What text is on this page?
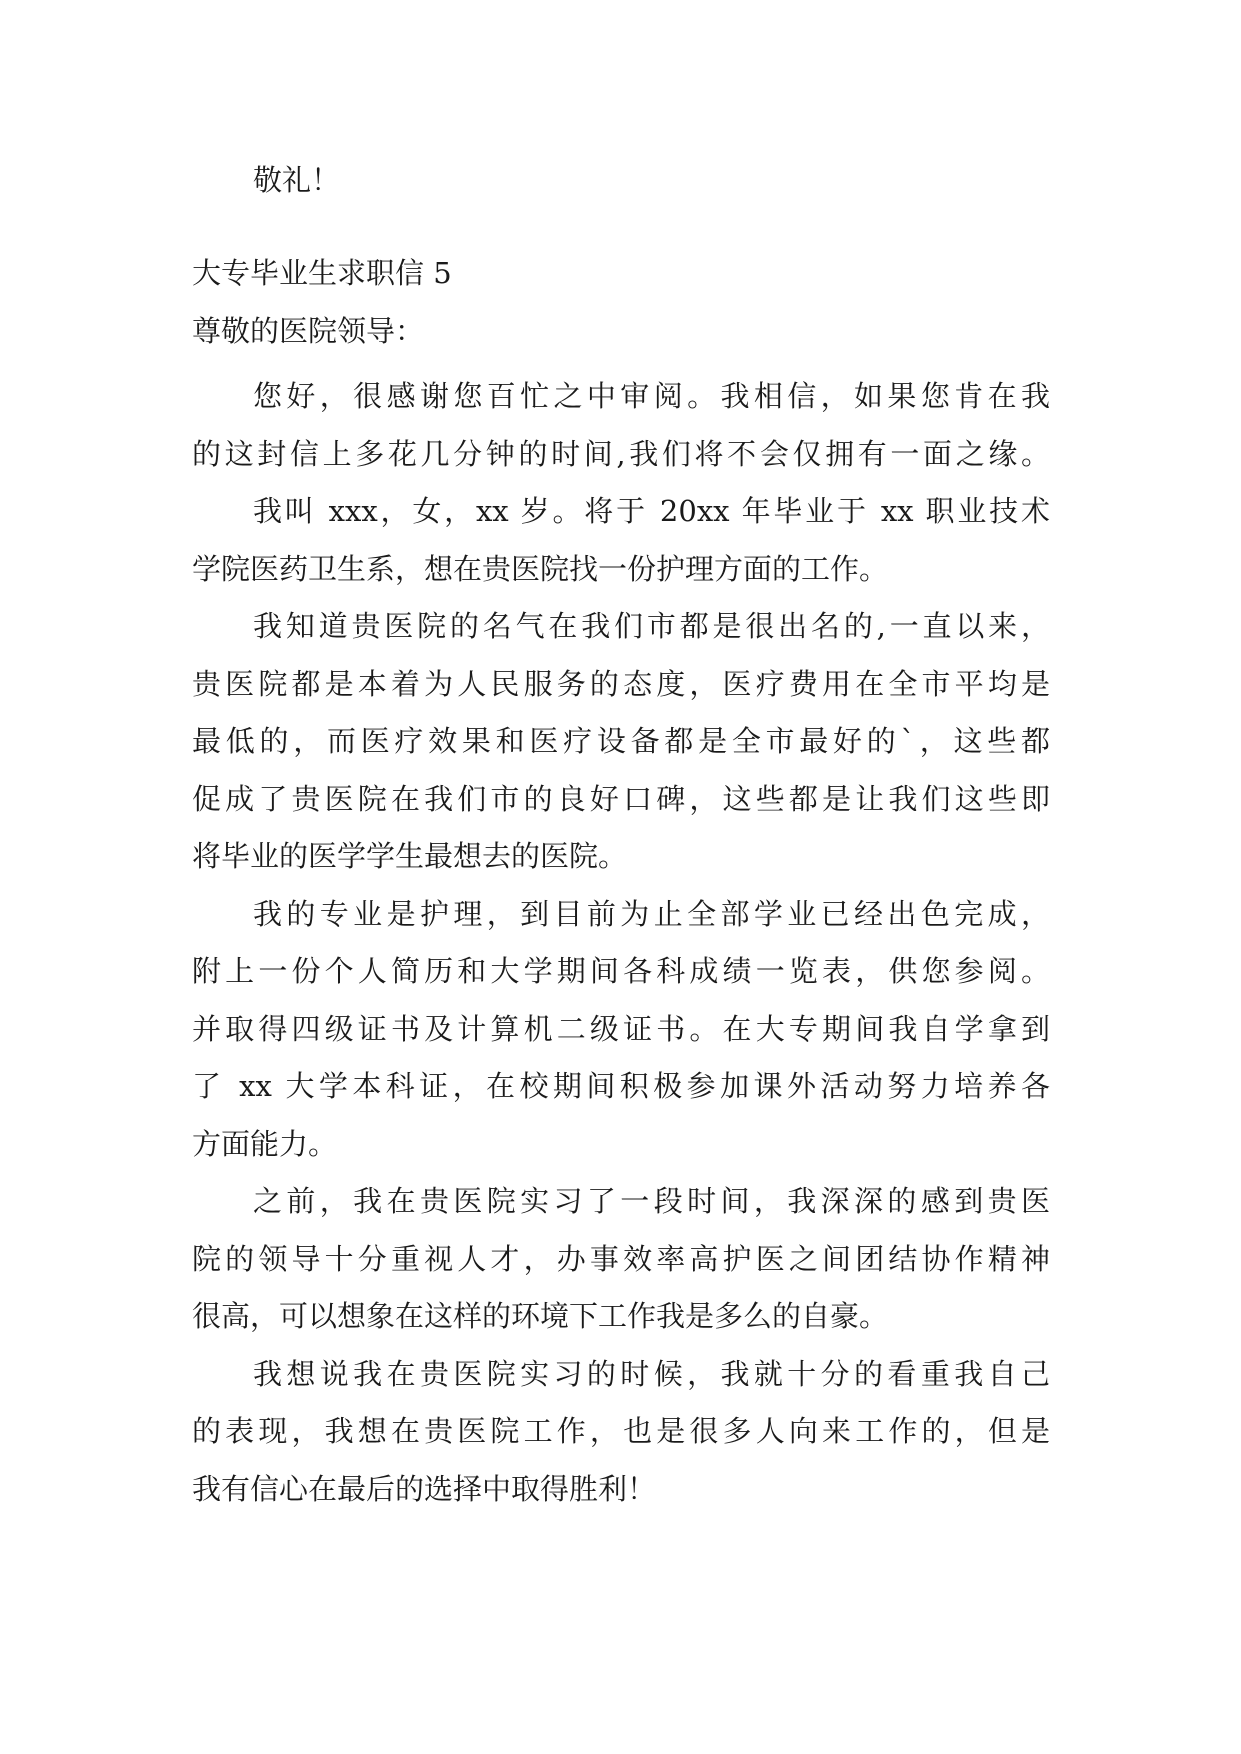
敬礼！
大专毕业生求职信 5
尊敬的医院领导：

您好，很感谢您百忙之中审阅。我相信，如果您肯在我
的这封信上多花几分钟的时间,我们将不会仅拥有一面之缘。

我叫 xxx，女，xx 岁。将于 20xx 年毕业于 xx 职业技术
学院医药卫生系，想在贵医院找一份护理方面的工作。

我知道贵医院的名气在我们市都是很出名的,一直以来，
贵医院都是本着为人民服务的态度，医疗费用在全市平均是
最低的，而医疗效果和医疗设备都是全市最好的`，这些都
促成了贵医院在我们市的良好口碑，这些都是让我们这些即
将毕业的医学学生最想去的医院。

我的专业是护理，到目前为止全部学业已经出色完成，
附上一份个人简历和大学期间各科成绩一览表，供您参阅。
并取得四级证书及计算机二级证书。在大专期间我自学拿到
了 xx 大学本科证，在校期间积极参加课外活动努力培养各
方面能力。

之前，我在贵医院实习了一段时间，我深深的感到贵医
院的领导十分重视人才，办事效率高护医之间团结协作精神
很高，可以想象在这样的环境下工作我是多么的自豪。

我想说我在贵医院实习的时候，我就十分的看重我自己
的表现，我想在贵医院工作，也是很多人向来工作的，但是
我有信心在最后的选择中取得胜利！
